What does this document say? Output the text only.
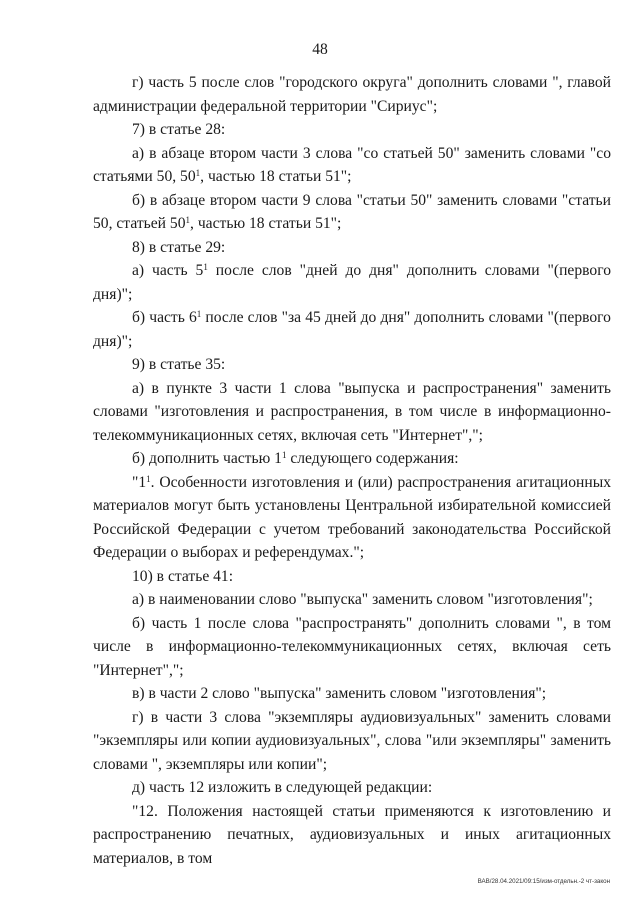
48

г) часть 5 после слов "городского округа" дополнить словами ", главой администрации федеральной территории "Сириус";

7) в статье 28:

а) в абзаце втором части 3 слова "со статьей 50" заменить словами "со статьями 50, $50^1$, частью 18 статьи 51";

б) в абзаце втором части 9 слова "статьи 50" заменить словами "статьи 50, статьей $50^1$, частью 18 статьи 51";

8) в статье 29:

а) часть $5^1$ после слов "дней до дня" дополнить словами "(первого дня)";

б) часть $6^1$ после слов "за 45 дней до дня" дополнить словами "(первого дня)";

9) в статье 35:

а) в пункте 3 части 1 слова "выпуска и распространения" заменить словами "изготовления и распространения, в том числе в информационно-телекоммуникационных сетях, включая сеть "Интернет",";

б) дополнить частью $1^1$ следующего содержания:

"$1^1$. Особенности изготовления и (или) распространения агитационных материалов могут быть установлены Центральной избирательной комиссией Российской Федерации с учетом требований законодательства Российской Федерации о выборах и референдумах.";

10) в статье 41:

а) в наименовании слово "выпуска" заменить словом "изготовления";

б) часть 1 после слова "распространять" дополнить словами ", в том числе в информационно-телекоммуникационных сетях, включая сеть "Интернет",";

в) в части 2 слово "выпуска" заменить словом "изготовления";

г) в части 3 слова "экземпляры аудиовизуальных" заменить словами "экземпляры или копии аудиовизуальных", слова "или экземпляры" заменить словами ", экземпляры или копии";

д) часть 12 изложить в следующей редакции:

"12. Положения настоящей статьи применяются к изготовлению и распространению печатных, аудиовизуальных и иных агитационных материалов, в том

ВАВ/28.04.2021/09:15/изм-отдельн.-2 чт-закон
